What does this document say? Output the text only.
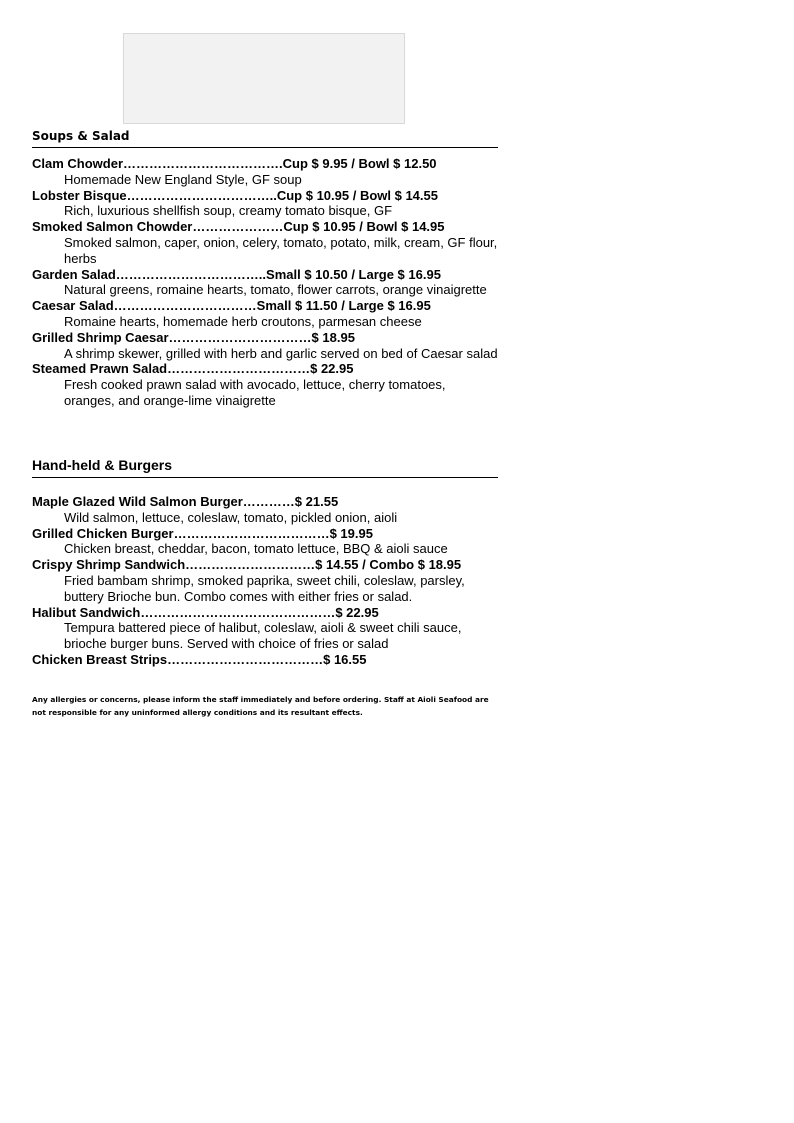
Soups & Salad
Clam Chowder……………………………….Cup $ 9.95 / Bowl $ 12.50
Homemade New England Style, GF soup
Lobster Bisque……………………………..Cup $ 10.95 / Bowl $ 14.55
Rich, luxurious shellfish soup, creamy tomato bisque, GF
Smoked Salmon Chowder…………………Cup $ 10.95 / Bowl $ 14.95
Smoked salmon, caper, onion, celery, tomato, potato, milk, cream, GF flour, herbs
Garden Salad……………………………..Small $ 10.50 / Large $ 16.95
Natural greens, romaine hearts, tomato, flower carrots, orange vinaigrette
Caesar Salad……………………………Small $ 11.50 / Large $ 16.95
Romaine hearts, homemade herb croutons, parmesan cheese
Grilled Shrimp Caesar……………………………$ 18.95
A shrimp skewer, grilled with herb and garlic served on bed of Caesar salad
Steamed Prawn Salad……………………………$ 22.95
Fresh cooked prawn salad with avocado, lettuce, cherry tomatoes, oranges, and orange-lime vinaigrette
Hand-held & Burgers
Maple Glazed Wild Salmon Burger…………$ 21.55
Wild salmon, lettuce, coleslaw, tomato, pickled onion, aioli
Grilled Chicken Burger………………………………$ 19.95
Chicken breast, cheddar, bacon, tomato lettuce, BBQ & aioli sauce
Crispy Shrimp Sandwich…………………………$ 14.55 / Combo $ 18.95
Fried bambam shrimp, smoked paprika, sweet chili, coleslaw, parsley, buttery Brioche bun. Combo comes with either fries or salad.
Halibut Sandwich………………………………………$ 22.95
Tempura battered piece of halibut, coleslaw, aioli & sweet chili sauce, brioche burger buns. Served with choice of fries or salad
Chicken Breast Strips………………………………$ 16.55
Any allergies or concerns, please inform the staff immediately and before ordering. Staff at Aioli Seafood are not responsible for any uninformed allergy conditions and its resultant effects.
